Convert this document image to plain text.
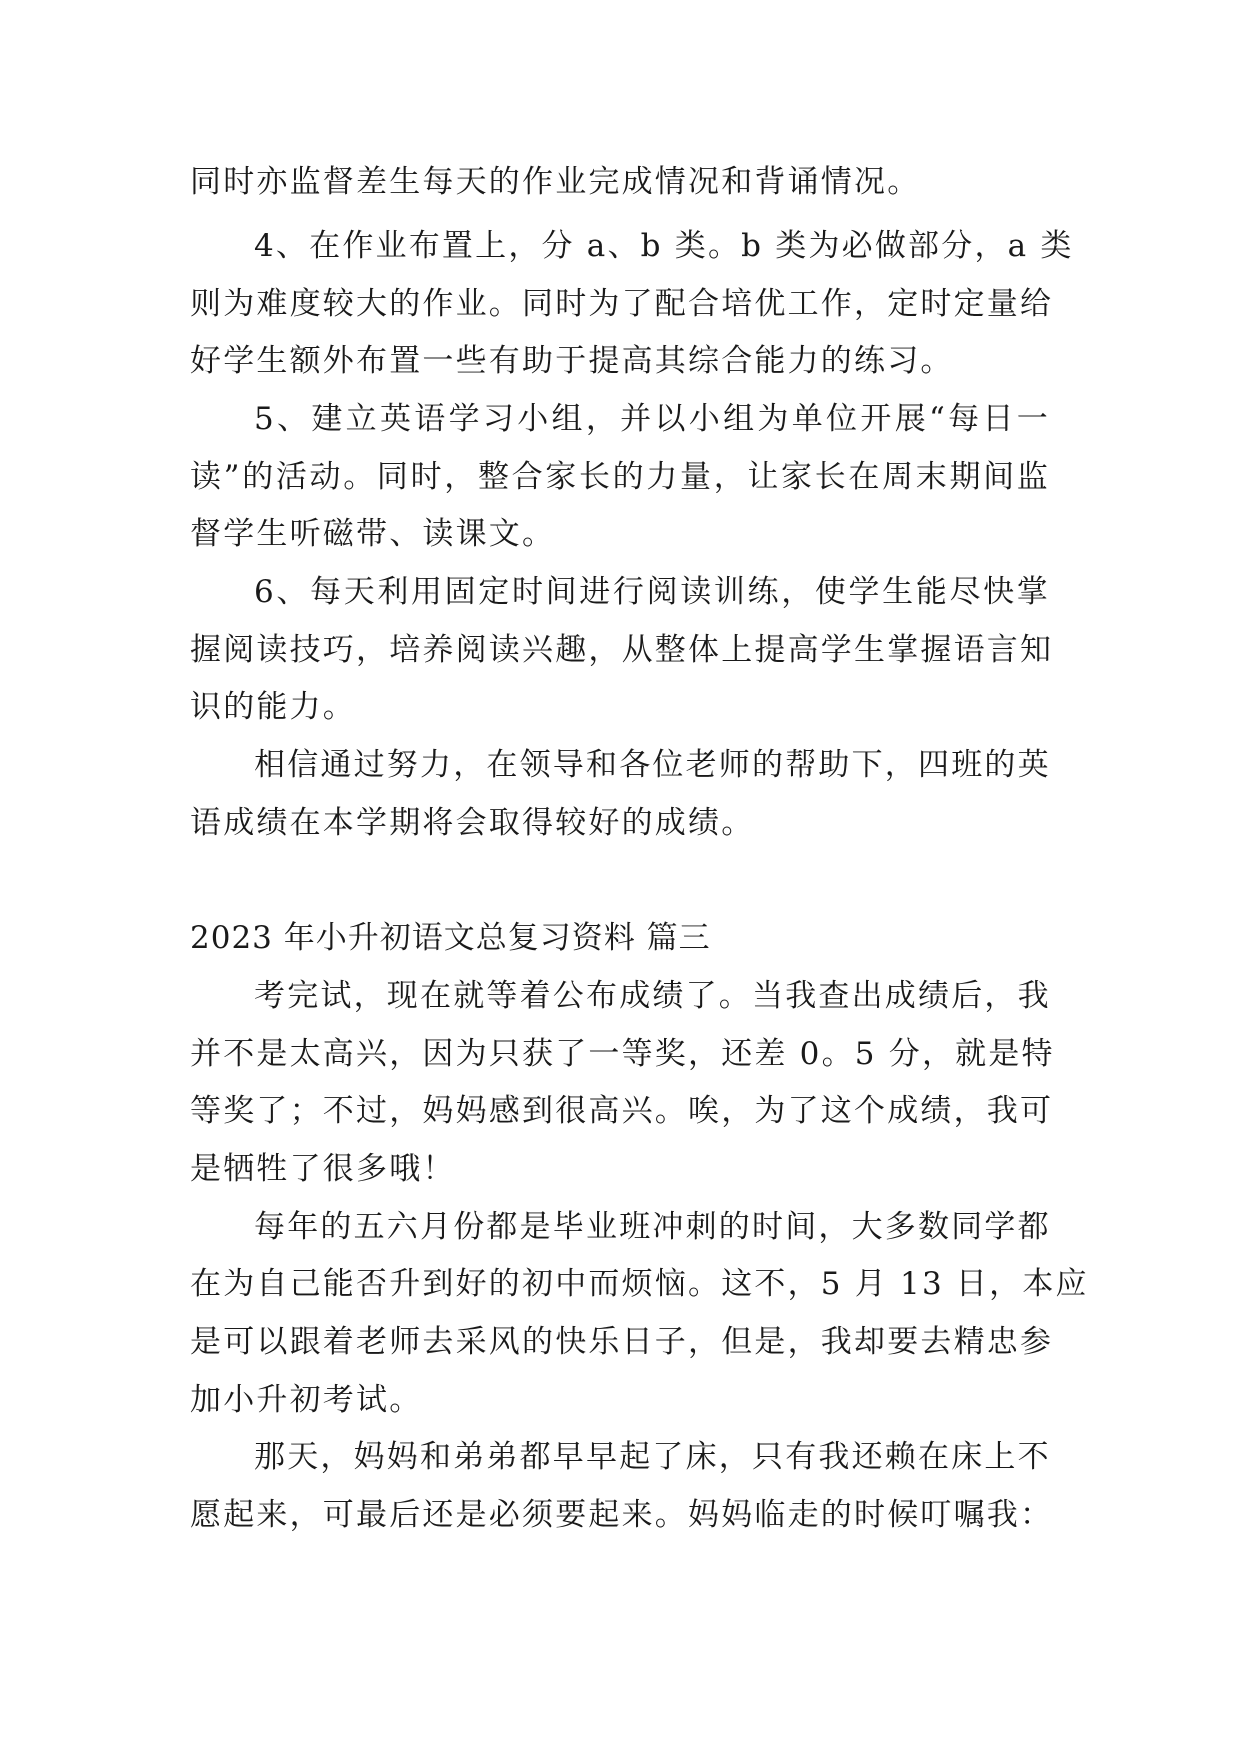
同时亦监督差生每天的作业完成情况和背诵情况。
4、在作业布置上，分 a、b 类。b 类为必做部分，a 类
则为难度较大的作业。同时为了配合培优工作，定时定量给
好学生额外布置一些有助于提高其综合能力的练习。
5、建立英语学习小组，并以小组为单位开展“每日一
读”的活动。同时，整合家长的力量，让家长在周末期间监
督学生听磁带、读课文。
6、每天利用固定时间进行阅读训练，使学生能尽快掌
握阅读技巧，培养阅读兴趣，从整体上提高学生掌握语言知
识的能力。
相信通过努力，在领导和各位老师的帮助下，四班的英
语成绩在本学期将会取得较好的成绩。
2023 年小升初语文总复习资料 篇三
考完试，现在就等着公布成绩了。当我查出成绩后，我
并不是太高兴，因为只获了一等奖，还差 0。5 分，就是特
等奖了；不过，妈妈感到很高兴。唉，为了这个成绩，我可
是牺牲了很多哦！
每年的五六月份都是毕业班冲刺的时间，大多数同学都
在为自己能否升到好的初中而烦恼。这不，5 月 13 日，本应
是可以跟着老师去采风的快乐日子，但是，我却要去精忠参
加小升初考试。
那天，妈妈和弟弟都早早起了床，只有我还赖在床上不
愿起来，可最后还是必须要起来。妈妈临走的时候叮嘱我：
